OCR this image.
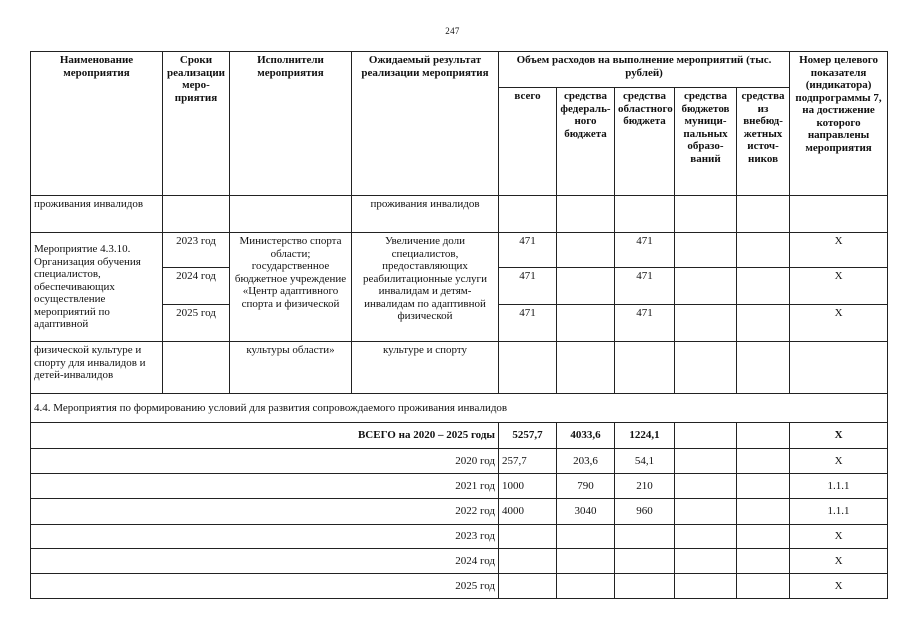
247
Наименование мероприятия	Сроки реализации меро- приятия	Исполнители мероприятия	Ожидаемый результат реализации мероприятия	Объем расходов на выполнение мероприятий (тыс. рублей)					Номер целевого показателя (индикатора) подпрограммы 7, на достижение которого направлены мероприятия
				всего	средства федераль- ного бюджета	средства областного бюджета	средства бюджетов муници- пальных образо- ваний	средства из внебюд- жетных источ- ников	
проживания инвалидов			проживания инвалидов						
Мероприятие 4.3.10. Организация обучения специалистов, обеспечивающих осуществление мероприятий по адаптивной	2023 год	Министерство спорта области; государственное бюджетное учреждение «Центр адаптивного спорта и физической	Увеличение доли специалистов, предоставляющих реабилитационные услуги инвалидам и детям-инвалидам по адаптивной физической	471		471			X
	2024 год			471		471			X
	2025 год			471		471			X
физической культуре и спорту для инвалидов и детей-инвалидов		культуры области»	культуре и спорту						
4.4. Мероприятия по формированию условий для развития сопровождаемого проживания инвалидов									
ВСЕГО на 2020 – 2025 годы				5257,7	4033,6	1224,1			X
2020 год				257,7	203,6	54,1			X
2021 год				1000	790	210			1.1.1
2022 год				4000	3040	960			1.1.1
2023 год									X
2024 год									X
2025 год									X
